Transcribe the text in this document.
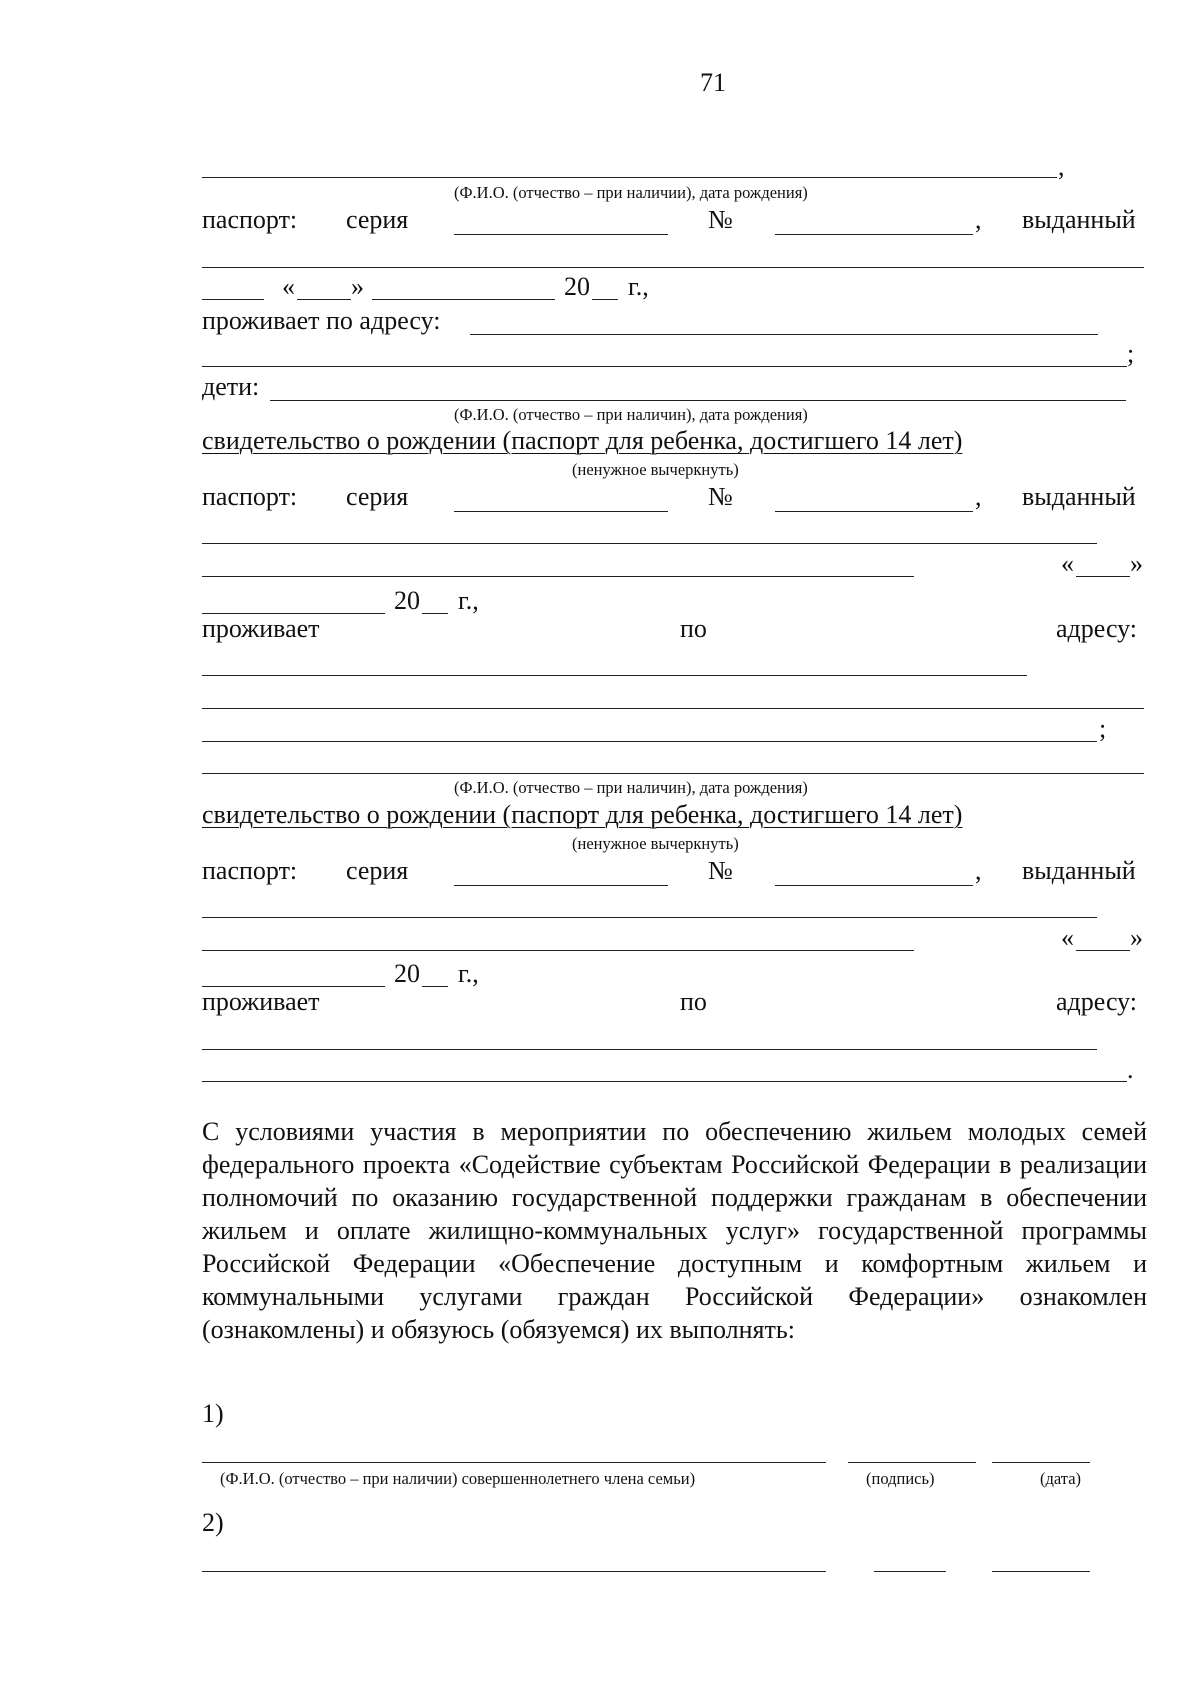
71
,
(Ф.И.О. (отчество – при наличии), дата рождения)
паспорт: серия	№	, выданный
« »	20 г.,
проживает по адресу:
;
дети:
(Ф.И.О. (отчество – при наличин), дата рождения)
свидетельство о рождении (паспорт для ребенка, достигшего 14 лет)
(ненужное вычеркнуть)
паспорт: серия	№	, выданный
« »
20 г.,
проживает	по	адресу:
;
(Ф.И.О. (отчество – при наличин), дата рождения)
свидетельство о рождении (паспорт для ребенка, достигшего 14 лет)
(ненужное вычеркнуть)
паспорт: серия	№	, выданный
« »
20 г.,
проживает	по	адресу:
.
С условиями участия в мероприятии по обеспечению жильем молодых семей федерального проекта «Содействие субъектам Российской Федерации в реализации полномочий по оказанию государственной поддержки гражданам в обеспечении жильем и оплате жилищно-коммунальных услуг» государственной программы Российской Федерации «Обеспечение доступным и комфортным жильем и коммунальными услугами граждан Российской Федерации» ознакомлен (ознакомлены) и обязуюсь (обязуемся) их выполнять:
1)
(Ф.И.О. (отчество – при наличии) совершеннолетнего члена семьи)	(подпись)	(дата)
2)
